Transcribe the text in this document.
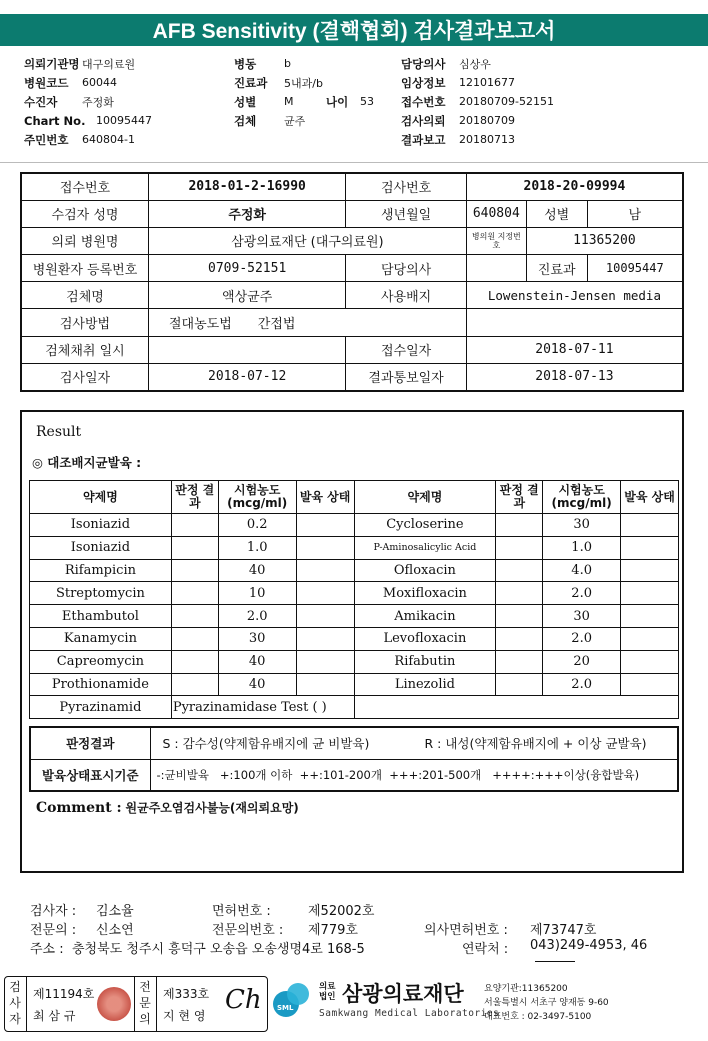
AFB Sensitivity (결핵협회) 검사결과보고서
의뢰기관명 대구의료원
병원코드	60044
수진자	주정화
Chart No. 10095447
주민번호	640804-1
병동	b
진료과	5내과/b
성별	M	나이	53
검체	균주
담당의사	심상우
임상정보	12101677
접수번호	20180709-52151
검사의뢰	20180709
결과보고	20180713
접수번호	2018-01-2-16990	검사번호	2018-20-09994		
수검자 성명	주정화	생년월일	640804	성별	남
의뢰 병원명	삼광의료재단 (대구의료원)		병의원 지정번호	11365200	
병원환자 등록번호	0709-52151	담당의사		진료과	10095447
검체명	액상균주	사용배지	Lowenstein-Jensen media		
검사방법	절대농도법 간접법				
검체채취 일시		접수일자	2018-07-11		
검사일자	2018-07-12	결과통보일자	2018-07-13		
Result
◎ 대조배지균발육 :
약제명	판정 결과	시험농도 (mcg/ml)	발육 상태	약제명	판정 결과	시험농도 (mcg/ml)	발육 상태
Isoniazid		0.2		Cycloserine		30	
Isoniazid		1.0		P-Aminosalicylic Acid		1.0	
Rifampicin		40		Ofloxacin		4.0	
Streptomycin		10		Moxifloxacin		2.0	
Ethambutol		2.0		Amikacin		30	
Kanamycin		30		Levofloxacin		2.0	
Capreomycin		40		Rifabutin		20	
Prothionamide		40		Linezolid		2.0	
Pyrazinamid	Pyrazinamidase Test ( )						
판정결과	S : 감수성(약제함유배지에 균 비발육) R : 내성(약제함유배지에 + 이상 균발육)
발육상태표시기준	-:균비발육   +:100개 이하  ++:101-200개  +++:201-500개   ++++:+++이상(융합발육)
Comment : 원균주오염검사불능(재의뢰요망)
검사자 : 김소율	면허번호 :	제52002호
전문의 : 신소연	전문의번호 : 제779호	의사면허번호 : 제73747호
주소 : 충청북도 청주시 흥덕구 오송읍 오송생명4로 168-5	연락처 : 043)249-4953, 46
검
사
자
제11194호
최 삼 규
전
문
의
제333호
지 현 영
Ch SML
의료 법인 삼광의료재단
Samkwang Medical Laboratories
요양기관:11365200
서울특별시 서초구 양재동 9-60
대표번호 : 02-3497-5100
